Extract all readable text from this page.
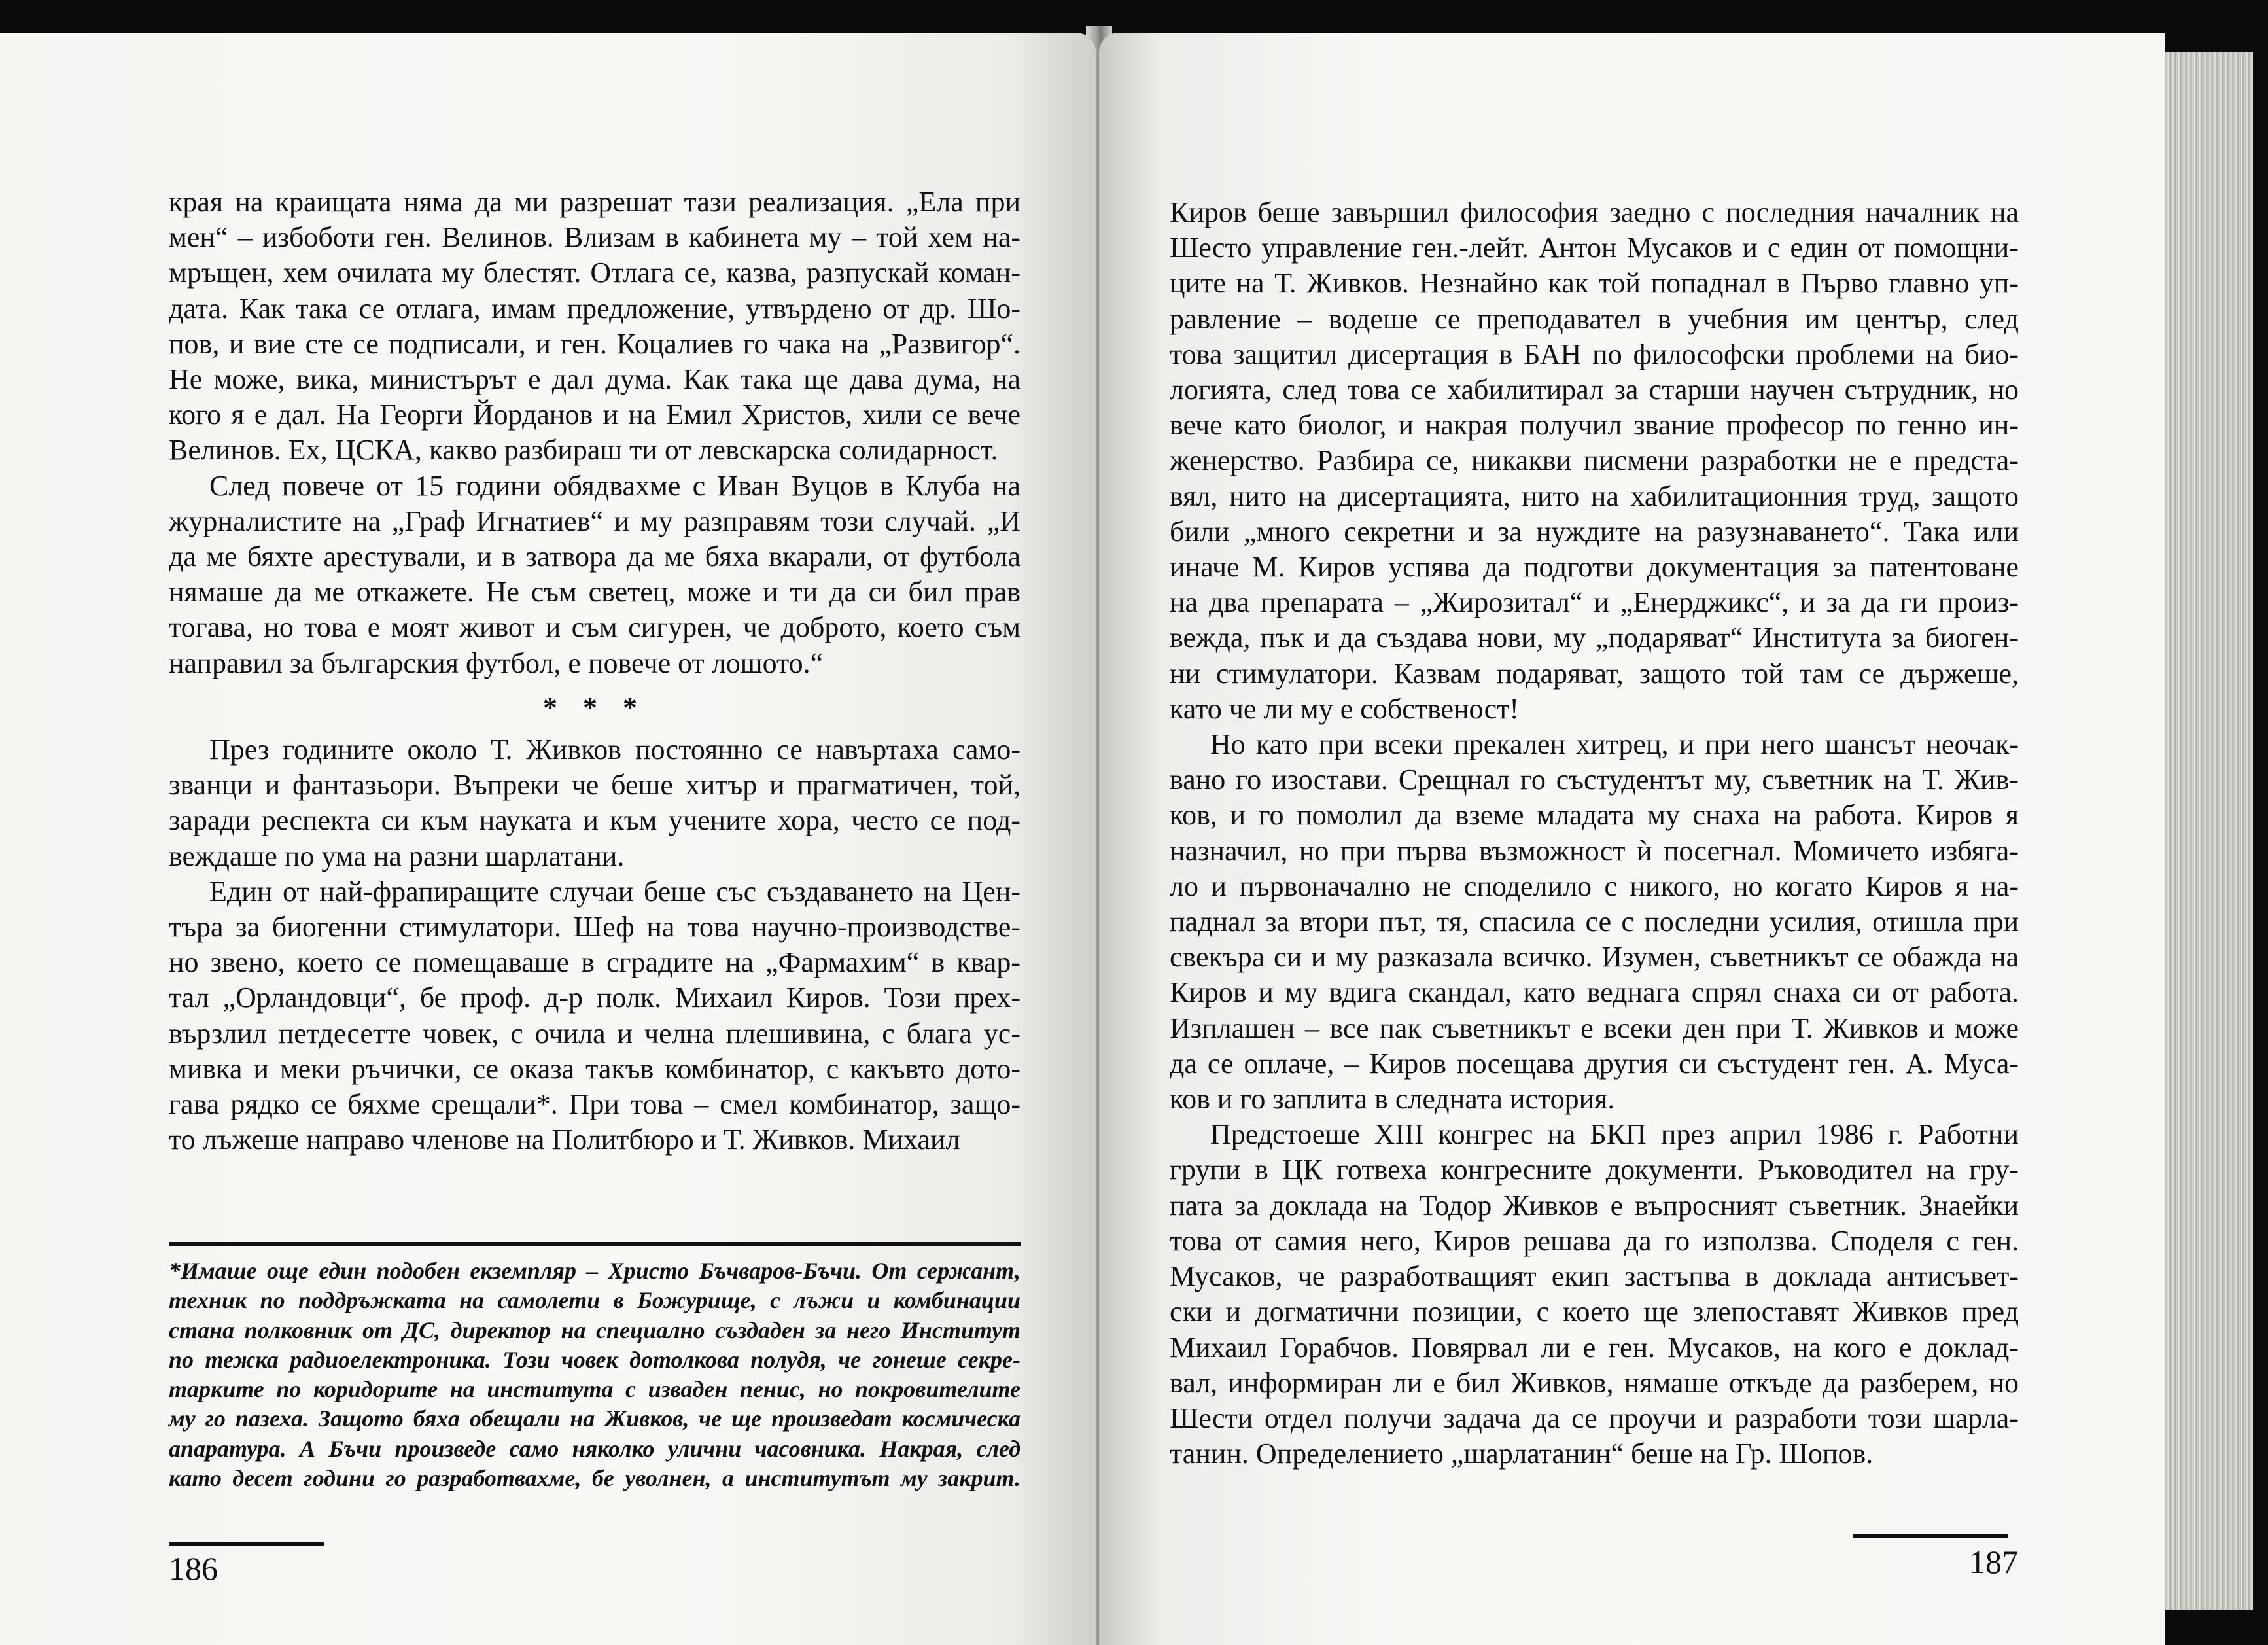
края на краищата няма да ми разрешат тази реализация. „Ела при
мен“ – избоботи ген. Велинов. Влизам в кабинета му – той хем на-
мръщен, хем очилата му блестят. Отлага се, казва, разпускай коман-
дата. Как така се отлага, имам предложение, утвърдено от др. Шо-
пов, и вие сте се подписали, и ген. Коцалиев го чака на „Развигор“.
Не може, вика, министърът е дал дума. Как така ще дава дума, на
кого я е дал. На Георги Йорданов и на Емил Христов, хили се вече
Велинов. Ех, ЦСКА, какво разбираш ти от левскарска солидарност.
След повече от 15 години обядвахме с Иван Вуцов в Клуба на
журналистите на „Граф Игнатиев“ и му разправям този случай. „И
да ме бяхте арестували, и в затвора да ме бяха вкарали, от футбола
нямаше да ме откажете. Не съм светец, може и ти да си бил прав
тогава, но това е моят живот и съм сигурен, че доброто, което съм
направил за българския футбол, е повече от лошото.“
* * *
През годините около Т. Живков постоянно се навъртаха само-
званци и фантазьори. Въпреки че беше хитър и прагматичен, той,
заради респекта си към науката и към учените хора, често се под-
веждаше по ума на разни шарлатани.
Един от най-фрапиращите случаи беше със създаването на Цен-
търа за биогенни стимулатори. Шеф на това научно-производстве-
но звено, което се помещаваше в сградите на „Фармахим“ в квар-
тал „Орландовци“, бе проф. д-р полк. Михаил Киров. Този прех-
вързлил петдесетте човек, с очила и челна плешивина, с блага ус-
мивка и меки ръчички, се оказа такъв комбинатор, с какъвто дото-
гава рядко се бяхме срещали*. При това – смел комбинатор, защо-
то лъжеше направо членове на Политбюро и Т. Живков. Михаил
*Имаше още един подобен екземпляр – Христо Бъчваров-Бъчи. От сержант,
техник по поддръжката на самолети в Божурище, с лъжи и комбинации
стана полковник от ДС, директор на специално създаден за него Институт
по тежка радиоелектроника. Този човек дотолкова полудя, че гонеше секре-
тарките по коридорите на института с изваден пенис, но покровителите
му го пазеха. Защото бяха обещали на Живков, че ще произведат космическа
апаратура. А Бъчи произведе само няколко улични часовника. Накрая, след
като десет години го разработвахме, бе уволнен, а институтът му закрит.
186
Киров беше завършил философия заедно с последния началник на
Шесто управление ген.-лейт. Антон Мусаков и с един от помощни-
ците на Т. Живков. Незнайно как той попаднал в Първо главно уп-
равление – водеше се преподавател в учебния им център, след
това защитил дисертация в БАН по философски проблеми на био-
логията, след това се хабилитирал за старши научен сътрудник, но
вече като биолог, и накрая получил звание професор по генно ин-
женерство. Разбира се, никакви писмени разработки не е предста-
вял, нито на дисертацията, нито на хабилитационния труд, защото
били „много секретни и за нуждите на разузнаването“. Така или
иначе М. Киров успява да подготви документация за патентоване
на два препарата – „Жирозитал“ и „Енерджикс“, и за да ги произ-
вежда, пък и да създава нови, му „подаряват“ Института за биоген-
ни стимулатори. Казвам подаряват, защото той там се държеше,
като че ли му е собственост!
Но като при всеки прекален хитрец, и при него шансът неочак-
вано го изостави. Срещнал го състудентът му, съветник на Т. Жив-
ков, и го помолил да вземе младата му снаха на работа. Киров я
назначил, но при първа възможност ѝ посегнал. Момичето избяга-
ло и първоначално не споделило с никого, но когато Киров я на-
паднал за втори път, тя, спасила се с последни усилия, отишла при
свекъра си и му разказала всичко. Изумен, съветникът се обажда на
Киров и му вдига скандал, като веднага спрял снаха си от работа.
Изплашен – все пак съветникът е всеки ден при Т. Живков и може
да се оплаче, – Киров посещава другия си състудент ген. А. Муса-
ков и го заплита в следната история.
Предстоеше XIII конгрес на БКП през април 1986 г. Работни
групи в ЦК готвеха конгресните документи. Ръководител на гру-
пата за доклада на Тодор Живков е въпросният съветник. Знаейки
това от самия него, Киров решава да го използва. Споделя с ген.
Мусаков, че разработващият екип застъпва в доклада антисъвет-
ски и догматични позиции, с което ще злепоставят Живков пред
Михаил Горабчов. Повярвал ли е ген. Мусаков, на кого е доклад-
вал, информиран ли е бил Живков, нямаше откъде да разберем, но
Шести отдел получи задача да се проучи и разработи този шарла-
танин. Определението „шарлатанин“ беше на Гр. Шопов.
187
